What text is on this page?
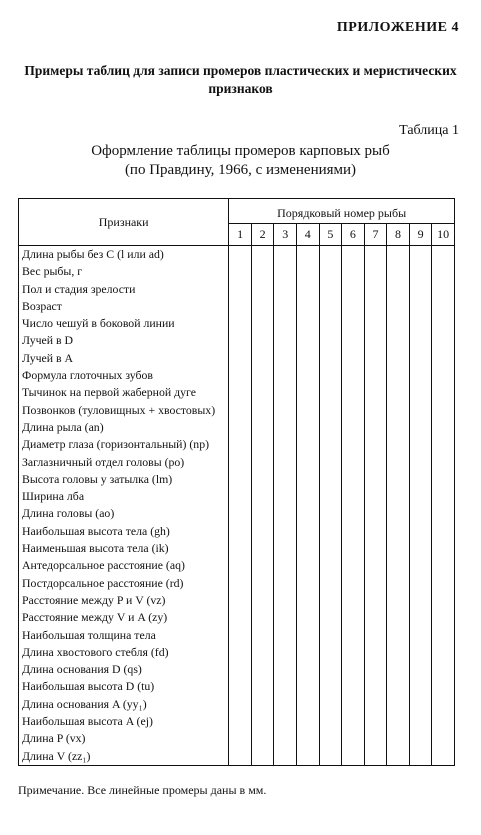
ПРИЛОЖЕНИЕ 4
Примеры таблиц для записи промеров пластических и меристических признаков
Таблица 1
Оформление таблицы промеров карповых рыб
(по Правдину, 1966, с изменениями)
Признаки	Порядковый номер рыбы									
	1	2	3	4	5	6	7	8	9	10
Длина рыбы без С (l или ad)										
Вес рыбы, г										
Пол и стадия зрелости										
Возраст										
Число чешуй в боковой линии										
Лучей в D										
Лучей в A										
Формула глоточных зубов										
Тычинок на первой жаберной дуге										
Позвонков (туловищных + хвостовых)										
Длина рыла (an)										
Диаметр глаза (горизонтальный) (np)										
Заглазничный отдел головы (po)										
Высота головы у затылка (lm)										
Ширина лба										
Длина головы (ao)										
Наибольшая высота тела (gh)										
Наименьшая высота тела (ik)										
Антедорсальное расстояние (aq)										
Постдорсальное расстояние (rd)										
Расстояние между P и V (vz)										
Расстояние между V и A (zy)										
Наибольшая толщина тела										
Длина хвостового стебля (fd)										
Длина основания D (qs)										
Наибольшая высота D (tu)										
Длина основания A (yy₁)										
Наибольшая высота A (ej)										
Длина P (vx)										
Длина V (zz₁)										
Примечание. Все линейные промеры даны в мм.
